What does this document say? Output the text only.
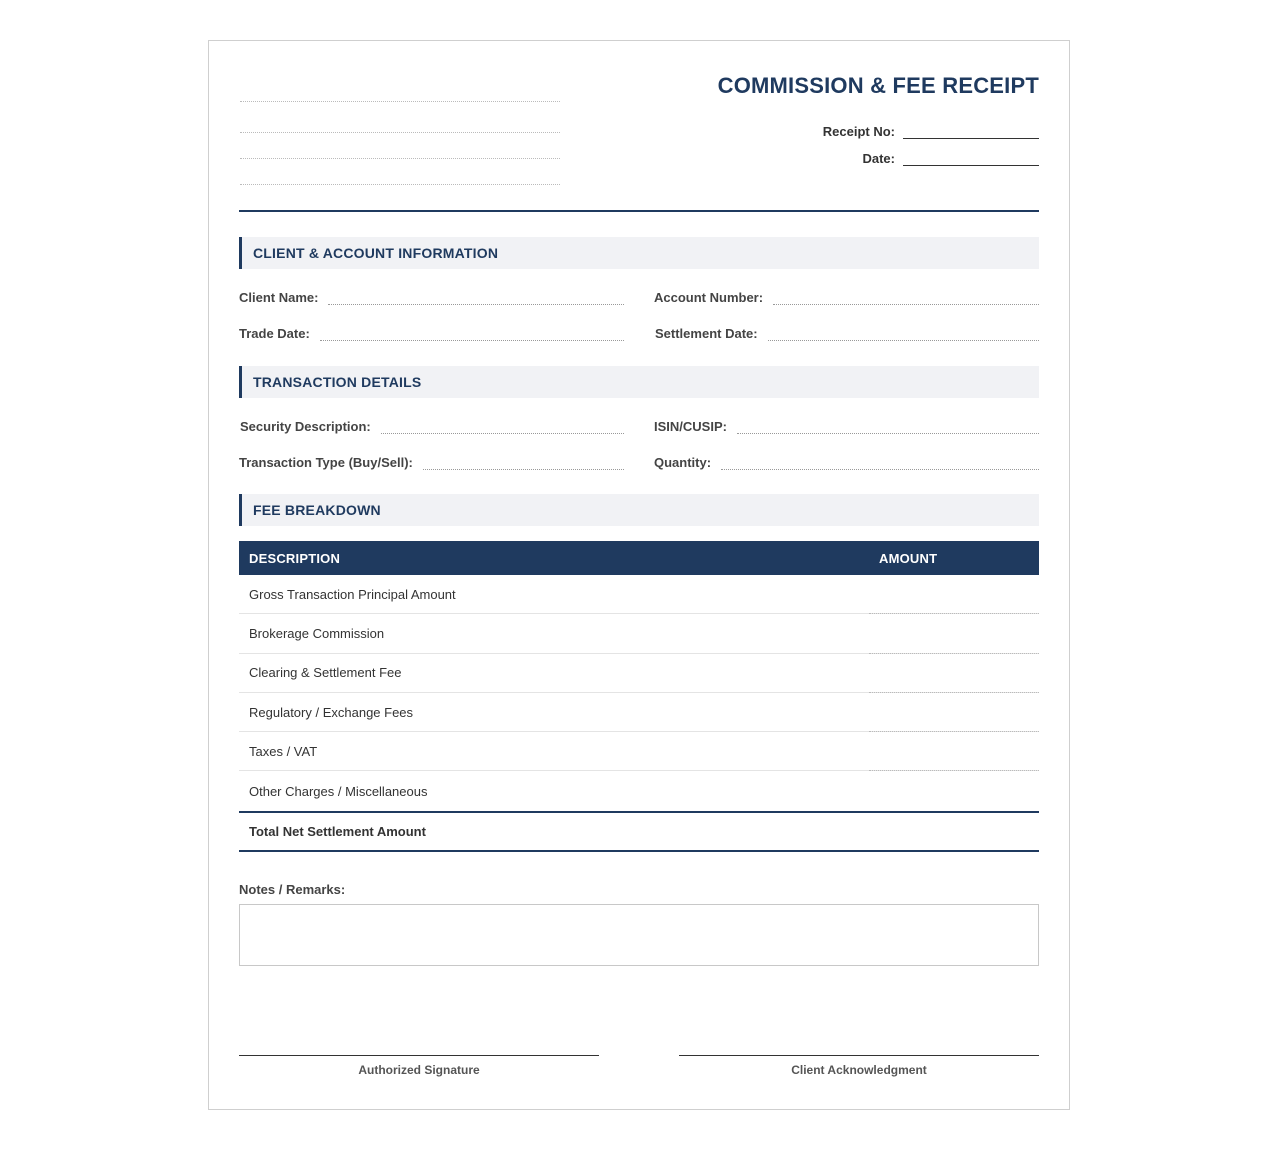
COMMISSION & FEE RECEIPT
Receipt No:
Date:
CLIENT & ACCOUNT INFORMATION
Client Name:	Account Number:
Trade Date:	Settlement Date:
TRANSACTION DETAILS
Security Description:	ISIN/CUSIP:
Transaction Type (Buy/Sell):	Quantity:
FEE BREAKDOWN
DESCRIPTION	AMOUNT
Gross Transaction Principal Amount
Brokerage Commission
Clearing & Settlement Fee
Regulatory / Exchange Fees
Taxes / VAT
Other Charges / Miscellaneous
Total Net Settlement Amount
Notes / Remarks:
Authorized Signature	Client Acknowledgment
